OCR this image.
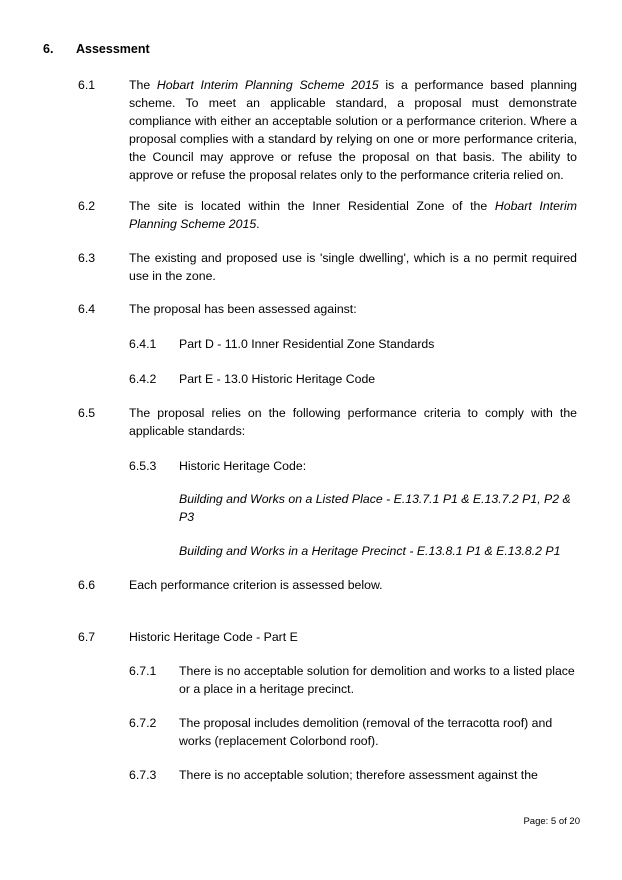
6. Assessment
6.1	The Hobart Interim Planning Scheme 2015 is a performance based planning scheme. To meet an applicable standard, a proposal must demonstrate compliance with either an acceptable solution or a performance criterion. Where a proposal complies with a standard by relying on one or more performance criteria, the Council may approve or refuse the proposal on that basis. The ability to approve or refuse the proposal relates only to the performance criteria relied on.
6.2	The site is located within the Inner Residential Zone of the Hobart Interim Planning Scheme 2015.
6.3	The existing and proposed use is 'single dwelling', which is a no permit required use in the zone.
6.4	The proposal has been assessed against:
6.4.1 Part D - 11.0 Inner Residential Zone Standards
6.4.2 Part E - 13.0 Historic Heritage Code
6.5	The proposal relies on the following performance criteria to comply with the applicable standards:
6.5.3 Historic Heritage Code:
Building and Works on a Listed Place - E.13.7.1 P1 & E.13.7.2 P1, P2 & P3
Building and Works in a Heritage Precinct - E.13.8.1 P1 & E.13.8.2 P1
6.6	Each performance criterion is assessed below.
6.7	Historic Heritage Code - Part E
6.7.1 There is no acceptable solution for demolition and works to a listed place or a place in a heritage precinct.
6.7.2 The proposal includes demolition (removal of the terracotta roof) and works (replacement Colorbond roof).
6.7.3 There is no acceptable solution; therefore assessment against the
Page: 5 of 20
